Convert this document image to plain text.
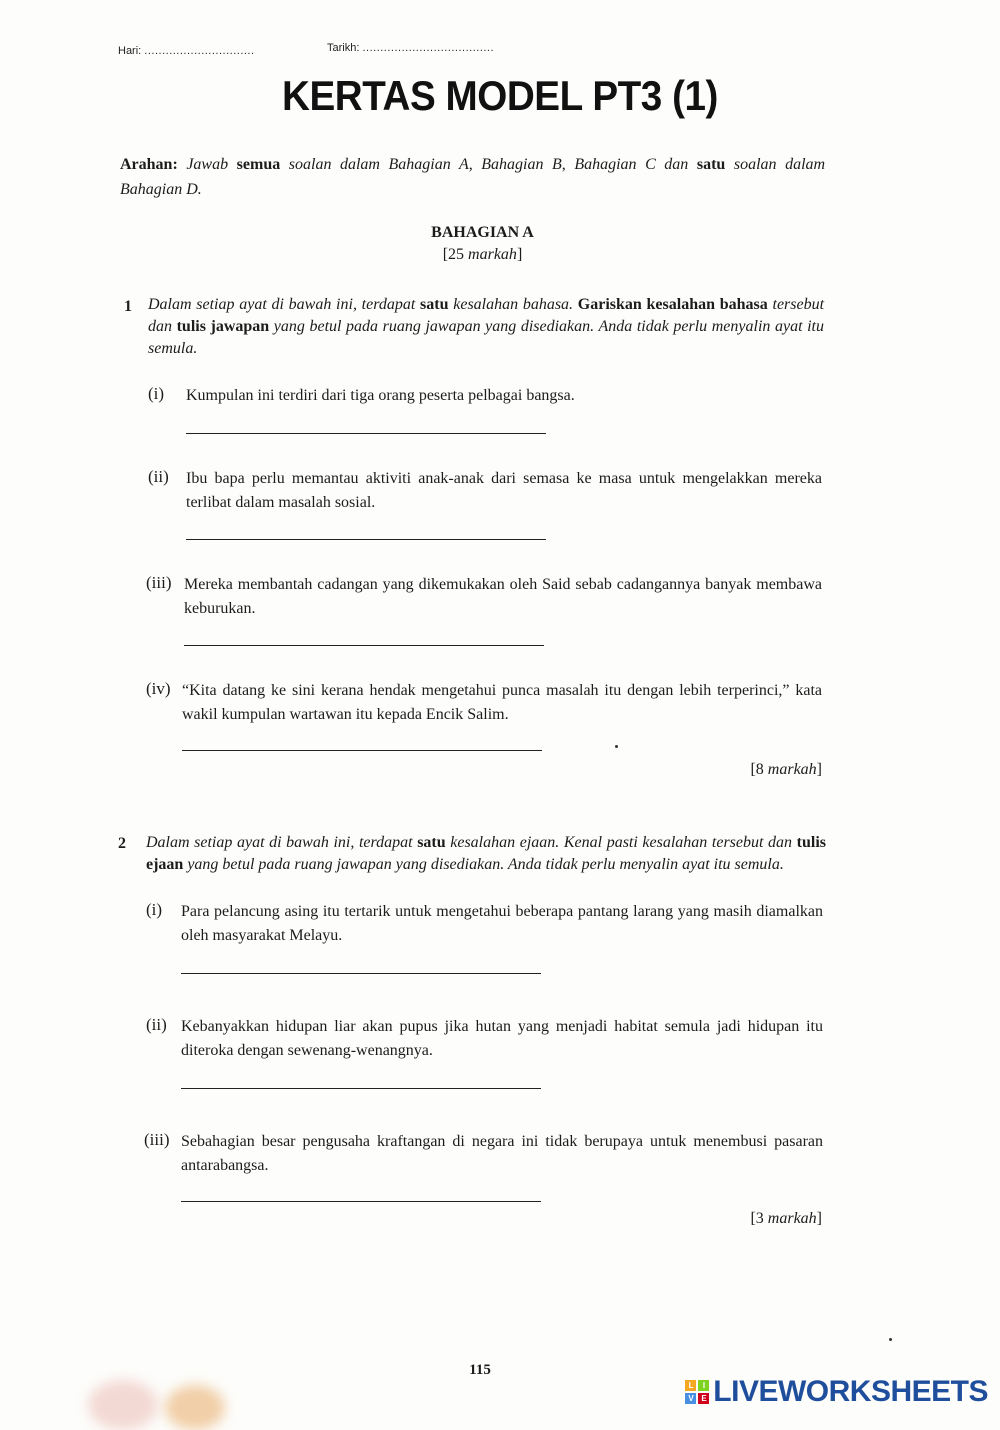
Hari: ...............................	Tarikh: .....................................
KERTAS MODEL PT3 (1)
Arahan: Jawab semua soalan dalam Bahagian A, Bahagian B, Bahagian C dan satu soalan dalam Bahagian D.
BAHAGIAN A
[25 markah]
1 Dalam setiap ayat di bawah ini, terdapat satu kesalahan bahasa. Gariskan kesalahan bahasa tersebut dan tulis jawapan yang betul pada ruang jawapan yang disediakan. Anda tidak perlu menyalin ayat itu semula.
(i) Kumpulan ini terdiri dari tiga orang peserta pelbagai bangsa.
(ii) Ibu bapa perlu memantau aktiviti anak-anak dari semasa ke masa untuk mengelakkan mereka terlibat dalam masalah sosial.
(iii) Mereka membantah cadangan yang dikemukakan oleh Said sebab cadangannya banyak membawa keburukan.
(iv) “Kita datang ke sini kerana hendak mengetahui punca masalah itu dengan lebih terperinci,” kata wakil kumpulan wartawan itu kepada Encik Salim.
[8 markah]
2 Dalam setiap ayat di bawah ini, terdapat satu kesalahan ejaan. Kenal pasti kesalahan tersebut dan tulis ejaan yang betul pada ruang jawapan yang disediakan. Anda tidak perlu menyalin ayat itu semula.
(i) Para pelancung asing itu tertarik untuk mengetahui beberapa pantang larang yang masih diamalkan oleh masyarakat Melayu.
(ii) Kebanyakkan hidupan liar akan pupus jika hutan yang menjadi habitat semula jadi hidupan itu diteroka dengan sewenang-wenangnya.
(iii) Sebahagian besar pengusaha kraftangan di negara ini tidak berupaya untuk menembusi pasaran antarabangsa.
[3 markah]
115
L	I
V	E LIVEWORKSHEETS
